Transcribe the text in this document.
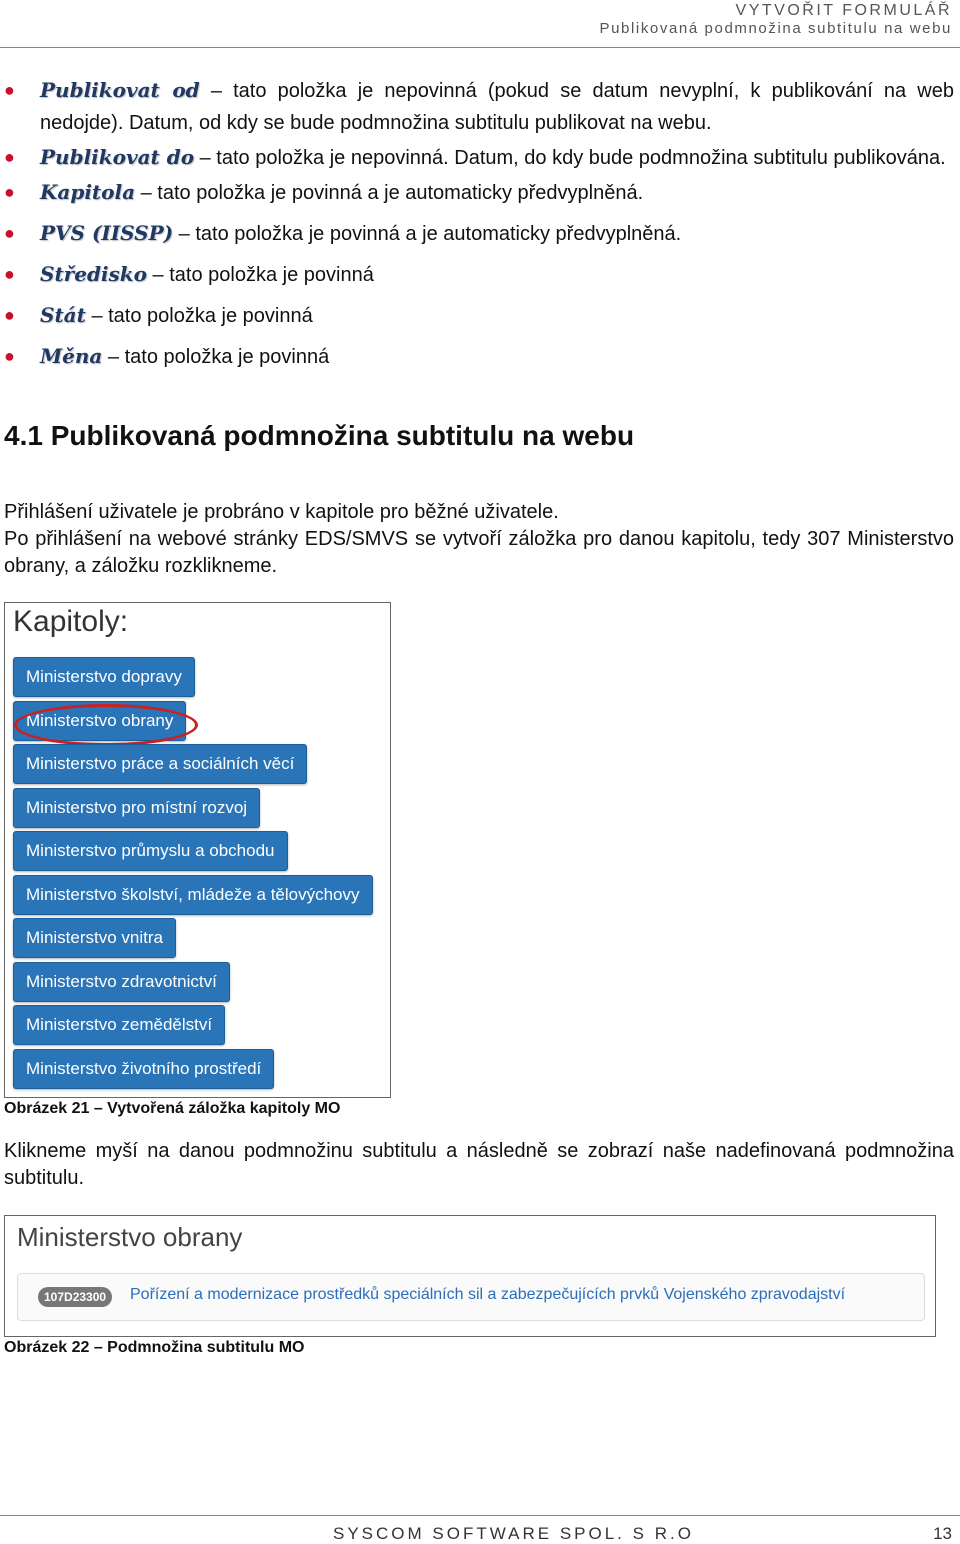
VYTVOŘIT FORMULÁŘ
Publikovaná podmnožina subtitulu na webu
● Publikovat od – tato položka je nepovinná (pokud se datum nevyplní, k publikování na web nedojde). Datum, od kdy se bude podmnožina subtitulu publikovat na webu.
● Publikovat do – tato položka je nepovinná. Datum, do kdy bude podmnožina subtitulu publikována.
● Kapitola – tato položka je povinná a je automaticky předvyplněná.
● PVS (IISSP) – tato položka je povinná a je automaticky předvyplněná.
● Středisko – tato položka je povinná
● Stát – tato položka je povinná
● Měna – tato položka je povinná
4.1 Publikovaná podmnožina subtitulu na webu
Přihlášení uživatele je probráno v kapitole pro běžné uživatele.
Po přihlášení na webové stránky EDS/SMVS se vytvoří záložka pro danou kapitolu, tedy 307 Ministerstvo obrany, a záložku rozklikneme.
Kapitoly:
Ministerstvo dopravy
Ministerstvo obrany
Ministerstvo práce a sociálních věcí
Ministerstvo pro místní rozvoj
Ministerstvo průmyslu a obchodu
Ministerstvo školství, mládeže a tělovýchovy
Ministerstvo vnitra
Ministerstvo zdravotnictví
Ministerstvo zemědělství
Ministerstvo životního prostředí
Obrázek 21 – Vytvořená záložka kapitoly MO
Klikneme myší na danou podmnožinu subtitulu a následně se zobrazí naše nadefinovaná podmnožina subtitulu.
Ministerstvo obrany
107D23300	Pořízení a modernizace prostředků speciálních sil a zabezpečujících prvků Vojenského zpravodajství
Obrázek 22 – Podmnožina subtitulu MO
SYSCOM SOFTWARE SPOL. S R.O	13
